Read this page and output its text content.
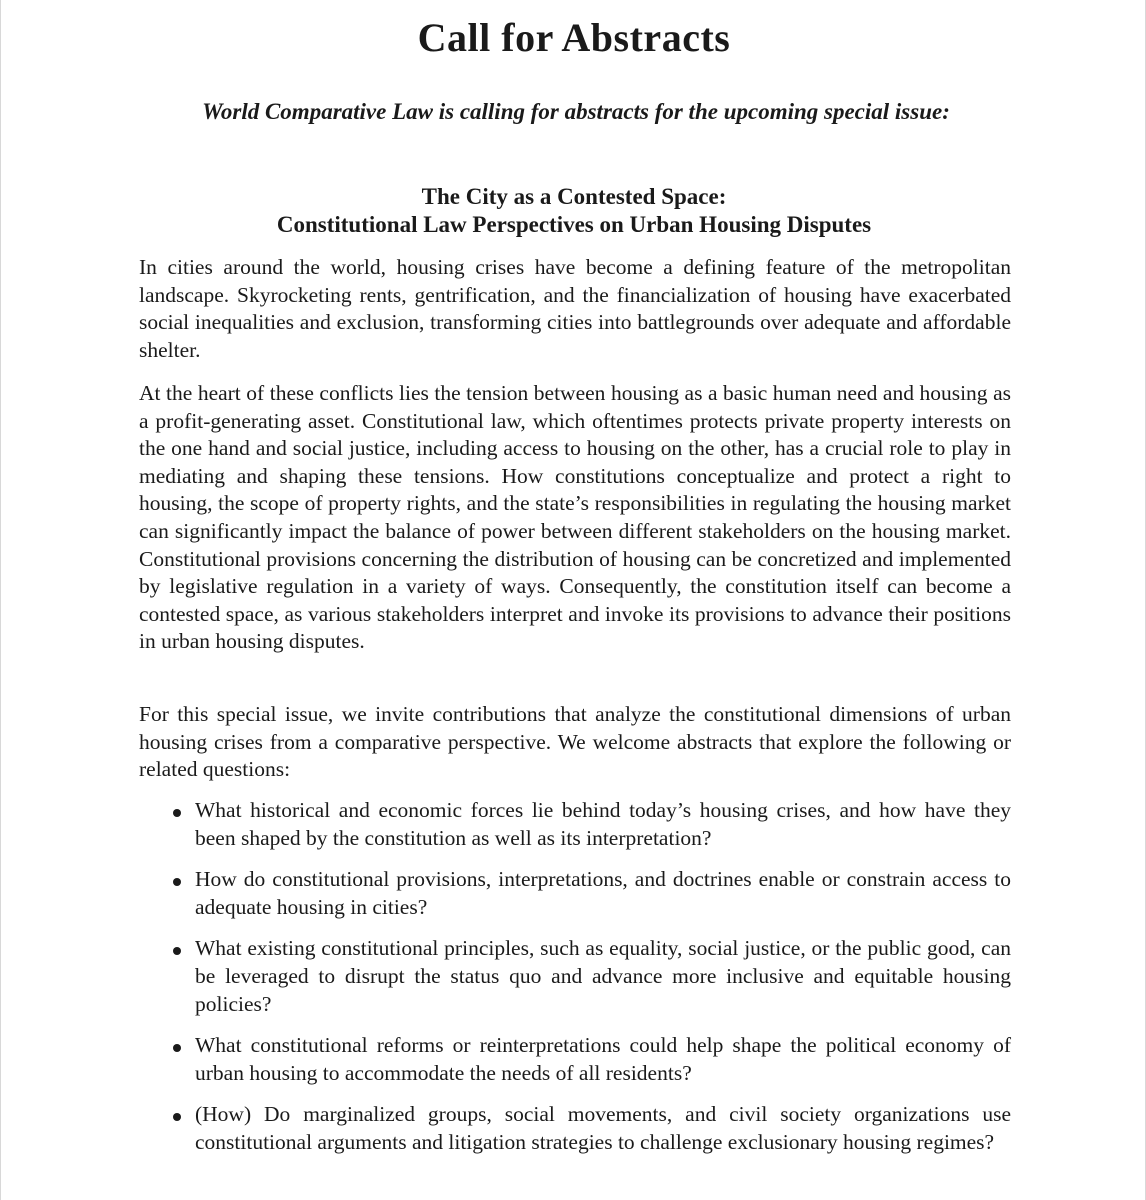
Call for Abstracts
World Comparative Law is calling for abstracts for the upcoming special issue:
The City as a Contested Space:
Constitutional Law Perspectives on Urban Housing Disputes

In cities around the world, housing crises have become a defining feature of the metropolitan landscape. Skyrocketing rents, gentrification, and the financialization of housing have exacerbated social inequalities and exclusion, transforming cities into battlegrounds over adequate and affordable shelter.

At the heart of these conflicts lies the tension between housing as a basic human need and housing as a profit-generating asset. Constitutional law, which oftentimes protects private property interests on the one hand and social justice, including access to housing on the other, has a crucial role to play in mediating and shaping these tensions. How constitutions conceptualize and protect a right to housing, the scope of property rights, and the state’s responsibilities in regulating the housing market can significantly impact the balance of power between different stakeholders on the housing market. Constitutional provisions concerning the distribution of housing can be concretized and implemented by legislative regulation in a variety of ways. Consequently, the constitution itself can become a contested space, as various stakeholders interpret and invoke its provisions to advance their positions in urban housing disputes.

For this special issue, we invite contributions that analyze the constitutional dimensions of urban housing crises from a comparative perspective. We welcome abstracts that explore the following or related questions:

What historical and economic forces lie behind today’s housing crises, and how have they been shaped by the constitution as well as its interpretation?
How do constitutional provisions, interpretations, and doctrines enable or constrain access to adequate housing in cities?
What existing constitutional principles, such as equality, social justice, or the public good, can be leveraged to disrupt the status quo and advance more inclusive and equitable housing policies?
What constitutional reforms or reinterpretations could help shape the political economy of urban housing to accommodate the needs of all residents?
(How) Do marginalized groups, social movements, and civil society organizations use constitutional arguments and litigation strategies to challenge exclusionary housing regimes?
